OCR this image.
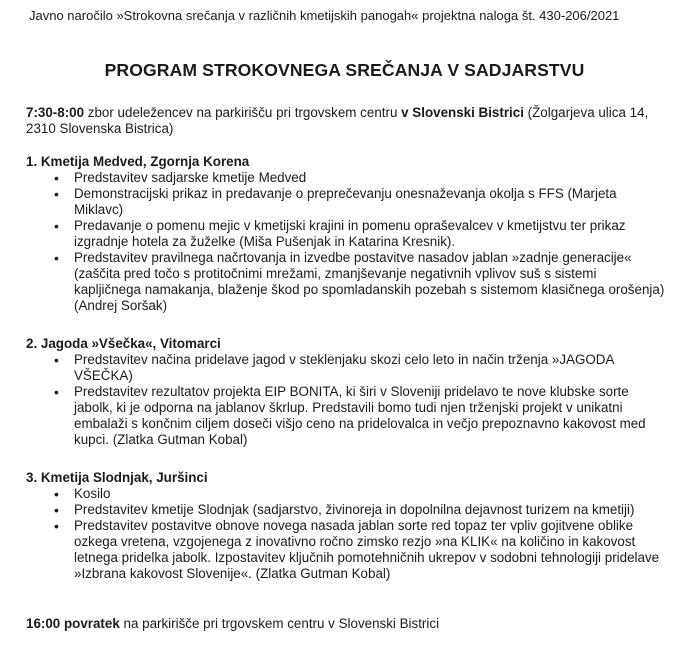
Javno naročilo »Strokovna srečanja v različnih kmetijskih panogah« projektna naloga št. 430-206/2021
PROGRAM STROKOVNEGA SREČANJA V SADJARSTVU
7:30-8:00 zbor udeležencev na parkirišču pri trgovskem centru v Slovenski Bistrici (Žolgarjeva ulica 14, 2310 Slovenska Bistrica)

1. Kmetija Medved, Zgornja Korena

• Predstavitev sadjarske kmetije Medved
• Demonstracijski prikaz in predavanje o preprečevanju onesnaževanja okolja s FFS (Marjeta Miklavc)
• Predavanje o pomenu mejic v kmetijski krajini in pomenu opraševalcev v kmetijstvu ter prikaz izgradnje hotela za žuželke (Miša Pušenjak in Katarina Kresnik).
• Predstavitev pravilnega načrtovanja in izvedbe postavitve nasadov jablan »zadnje generacije« (zaščita pred točo s protitočnimi mrežami, zmanjševanje negativnih vplivov suš s sistemi kapljičnega namakanja, blaženje škod po spomladanskih pozebah s sistemom klasičnega orošenja) (Andrej Soršak)

2. Jagoda »Všečka«, Vitomarci

• Predstavitev načina pridelave jagod v steklenjaku skozi celo leto in način trženja »JAGODA VŠEČKA)
• Predstavitev rezultatov projekta EIP BONITA, ki širi v Sloveniji pridelavo te nove klubske sorte jabolk, ki je odporna na jablanov škrlup. Predstavili bomo tudi njen trženjski projekt v unikatni embalaži s končnim ciljem doseči višjo ceno na pridelovalca in večjo prepoznavno kakovost med kupci. (Zlatka Gutman Kobal)

3. Kmetija Slodnjak, Juršinci

• Kosilo
• Predstavitev kmetije Slodnjak (sadjarstvo, živinoreja in dopolnilna dejavnost turizem na kmetiji)
• Predstavitev postavitve obnove novega nasada jablan sorte red topaz ter vpliv gojitvene oblike ozkega vretena, vzgojenega z inovativno ročno zimsko rezjo »na KLIK« na količino in kakovost letnega pridelka jabolk. Izpostavitev ključnih pomotehničnih ukrepov v sodobni tehnologiji pridelave »Izbrana kakovost Slovenije«. (Zlatka Gutman Kobal)
16:00 povratek na parkirišče pri trgovskem centru v Slovenski Bistrici
